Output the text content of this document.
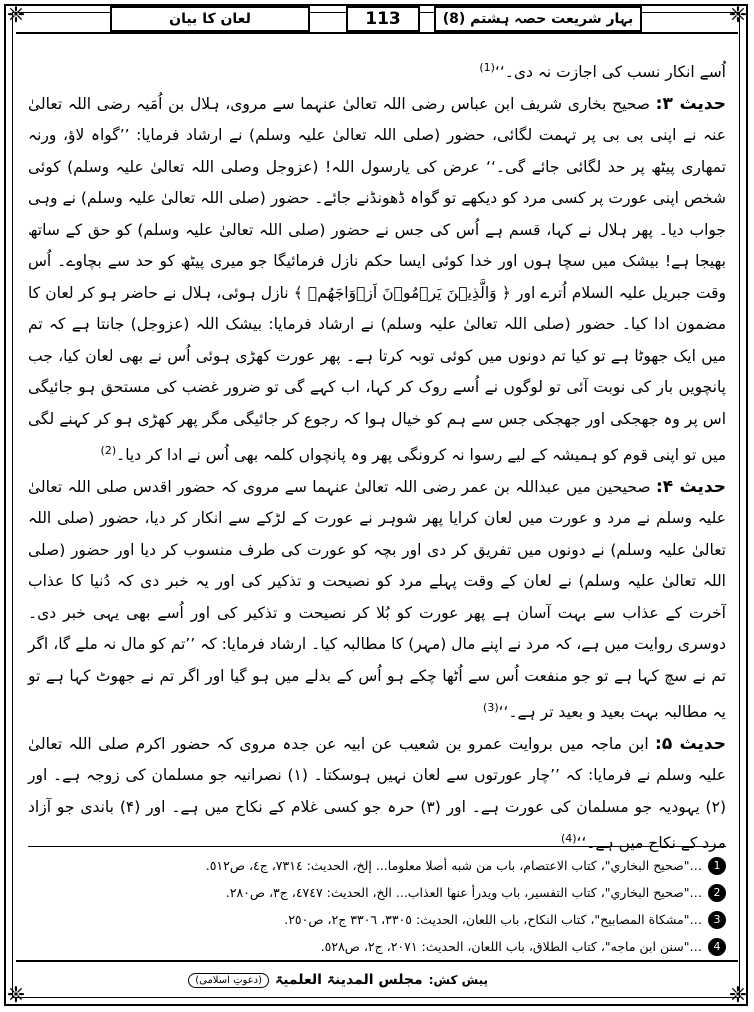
❈	❈
❈	❈
لعان کا بیان	113	بہار شریعت حصہ ہشتم (8)

اُسے انکار نسب کی اجازت نہ دی۔‘‘$^{(1)}$

حدیث ۳: صحیح بخاری شریف ابن عباس رضی اللہ تعالیٰ عنہما سے مروی، ہلال بن اُمَیہ رضی اللہ تعالیٰ عنہ نے اپنی بی بی پر تہمت لگائی، حضور (صلی اللہ تعالیٰ علیہ وسلم) نے ارشاد فرمایا: ’’گواہ لاؤ، ورنہ تمھاری پیٹھ پر حد لگائی جائے گی۔‘‘ عرض کی یارسول اللہ! (عزوجل وصلی اللہ تعالیٰ علیہ وسلم) کوئی شخص اپنی عورت پر کسی مرد کو دیکھے تو گواہ ڈھونڈنے جائے۔ حضور (صلی اللہ تعالیٰ علیہ وسلم) نے وہی جواب دیا۔ پھر ہلال نے کہا، قسم ہے اُس کی جس نے حضور (صلی اللہ تعالیٰ علیہ وسلم) کو حق کے ساتھ بھیجا ہے! بیشک میں سچا ہوں اور خدا کوئی ایسا حکم نازل فرمائیگا جو میری پیٹھ کو حد سے بچاوے۔ اُس وقت جبریل علیہ السلام اُترے اور ﴿ وَالَّذِیۡنَ یَرۡمُوۡنَ اَزۡوَاجَھُمۡ ﴾ نازل ہوئی، ہلال نے حاضر ہو کر لعان کا مضمون ادا کیا۔ حضور (صلی اللہ تعالیٰ علیہ وسلم) نے ارشاد فرمایا: بیشک اللہ (عزوجل) جانتا ہے کہ تم میں ایک جھوٹا ہے تو کیا تم دونوں میں کوئی توبہ کرتا ہے۔ پھر عورت کھڑی ہوئی اُس نے بھی لعان کیا، جب پانچویں بار کی نوبت آئی تو لوگوں نے اُسے روک کر کہا، اب کہے گی تو ضرور غضب کی مستحق ہو جائیگی اس پر وہ جھجکی اور جھجکی جس سے ہم کو خیال ہوا کہ رجوع کر جائیگی مگر پھر کھڑی ہو کر کہنے لگی میں تو اپنی قوم کو ہمیشہ کے لیے رسوا نہ کرونگی پھر وہ پانچواں کلمہ بھی اُس نے ادا کر دیا۔$^{(2)}$

حدیث ۴: صحیحین میں عبداللہ بن عمر رضی اللہ تعالیٰ عنہما سے مروی کہ حضور اقدس صلی اللہ تعالیٰ علیہ وسلم نے مرد و عورت میں لعان کرایا پھر شوہر نے عورت کے لڑکے سے انکار کر دیا، حضور (صلی اللہ تعالیٰ علیہ وسلم) نے دونوں میں تفریق کر دی اور بچہ کو عورت کی طرف منسوب کر دیا اور حضور (صلی اللہ تعالیٰ علیہ وسلم) نے لعان کے وقت پہلے مرد کو نصیحت و تذکیر کی اور یہ خبر دی کہ دُنیا کا عذاب آخرت کے عذاب سے بہت آسان ہے پھر عورت کو بُلا کر نصیحت و تذکیر کی اور اُسے بھی یہی خبر دی۔ دوسری روایت میں ہے، کہ مرد نے اپنے مال (مہر) کا مطالبہ کیا۔ ارشاد فرمایا: کہ ’’تم کو مال نہ ملے گا، اگر تم نے سچ کہا ہے تو جو منفعت اُس سے اُٹھا چکے ہو اُس کے بدلے میں ہو گیا اور اگر تم نے جھوٹ کہا ہے تو یہ مطالبہ بہت بعید و بعید تر ہے۔‘‘$^{(3)}$

حدیث ۵: ابن ماجہ میں بروایت عمرو بن شعیب عن ابیہ عن جدہ مروی کہ حضور اکرم صلی اللہ تعالیٰ علیہ وسلم نے فرمایا: کہ ’’چار عورتوں سے لعان نہیں ہوسکتا۔ (۱) نصرانیہ جو مسلمان کی زوجہ ہے۔ اور (۲) یہودیہ جو مسلمان کی عورت ہے۔ اور (۳) حرہ جو کسی غلام کے نکاح میں ہے۔ اور (۴) باندی جو آزاد مرد کے نکاح میں ہے۔‘‘$^{(4)}$

1
…"صحيح البخاري"، كتاب الاعتصام، باب من شبه أصلا معلوما... إلخ، الحديث: ٧٣١٤، ج٤، ص٥١٢.
2
…"صحيح البخاري"، كتاب التفسير، باب ويدرأ عنها العذاب... الخ، الحديث: ٤٧٤٧، ج٣، ص٢٨٠.
3
…"مشكاة المصابيح"، كتاب النكاح، باب اللعان، الحديث: ٣٣٠٥، ٣٣٠٦ ج٢، ص٢٥٠.
4
…"سنن ابن ماجه"، كتاب الطلاق، باب اللعان، الحديث: ٢٠٧١، ج٢، ص٥٢٨.
پیش کش:
مجلس المدینۃ العلمیۃ
(دعوتِ اسلامی)
